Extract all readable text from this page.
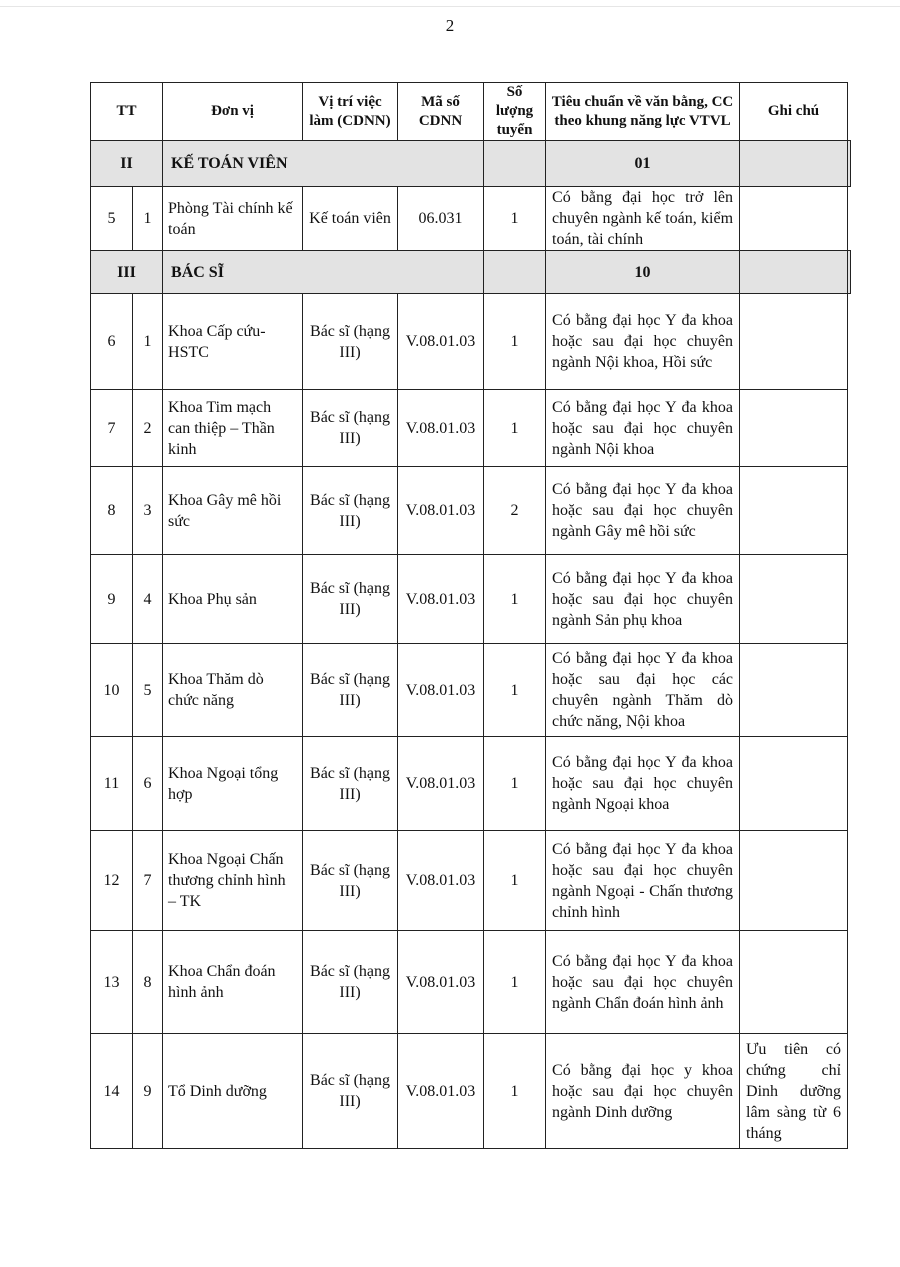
2
TT		Đơn vị	Vị trí việc làm (CDNN)	Mã số CDNN	Số lượng tuyển	Tiêu chuẩn về văn bằng, CC theo khung năng lực VTVL	Ghi chú	
II		KẾ TOÁN VIÊN				01		
5	1	Phòng Tài chính kế toán	Kế toán viên	06.031	1	Có bằng đại học trở lên chuyên ngành kế toán, kiểm toán, tài chính		
III		BÁC SĨ				10		
6	1	Khoa Cấp cứu-HSTC	Bác sĩ (hạng III)	V.08.01.03	1	Có bằng đại học Y đa khoa hoặc sau đại học chuyên ngành Nội khoa, Hồi sức		
7	2	Khoa Tim mạch can thiệp – Thần kinh	Bác sĩ (hạng III)	V.08.01.03	1	Có bằng đại học Y đa khoa hoặc sau đại học chuyên ngành Nội khoa		
8	3	Khoa Gây mê hồi sức	Bác sĩ (hạng III)	V.08.01.03	2	Có bằng đại học Y đa khoa hoặc sau đại học chuyên ngành Gây mê hồi sức		
9	4	Khoa Phụ sản	Bác sĩ (hạng III)	V.08.01.03	1	Có bằng đại học Y đa khoa hoặc sau đại học chuyên ngành Sản phụ khoa		
10	5	Khoa Thăm dò chức năng	Bác sĩ (hạng III)	V.08.01.03	1	Có bằng đại học Y đa khoa hoặc sau đại học các chuyên ngành Thăm dò chức năng, Nội khoa		
11	6	Khoa Ngoại tổng hợp	Bác sĩ (hạng III)	V.08.01.03	1	Có bằng đại học Y đa khoa hoặc sau đại học chuyên ngành Ngoại khoa		
12	7	Khoa Ngoại Chấn thương chỉnh hình – TK	Bác sĩ (hạng III)	V.08.01.03	1	Có bằng đại học Y đa khoa hoặc sau đại học chuyên ngành Ngoại - Chấn thương chỉnh hình		
13	8	Khoa Chẩn đoán hình ảnh	Bác sĩ (hạng III)	V.08.01.03	1	Có bằng đại học Y đa khoa hoặc sau đại học chuyên ngành Chẩn đoán hình ảnh		
14	9	Tổ Dinh dưỡng	Bác sĩ (hạng III)	V.08.01.03	1	Có bằng đại học y khoa hoặc sau đại học chuyên ngành Dinh dưỡng	Ưu tiên có chứng chỉ Dinh dưỡng lâm sàng từ 6 tháng	
